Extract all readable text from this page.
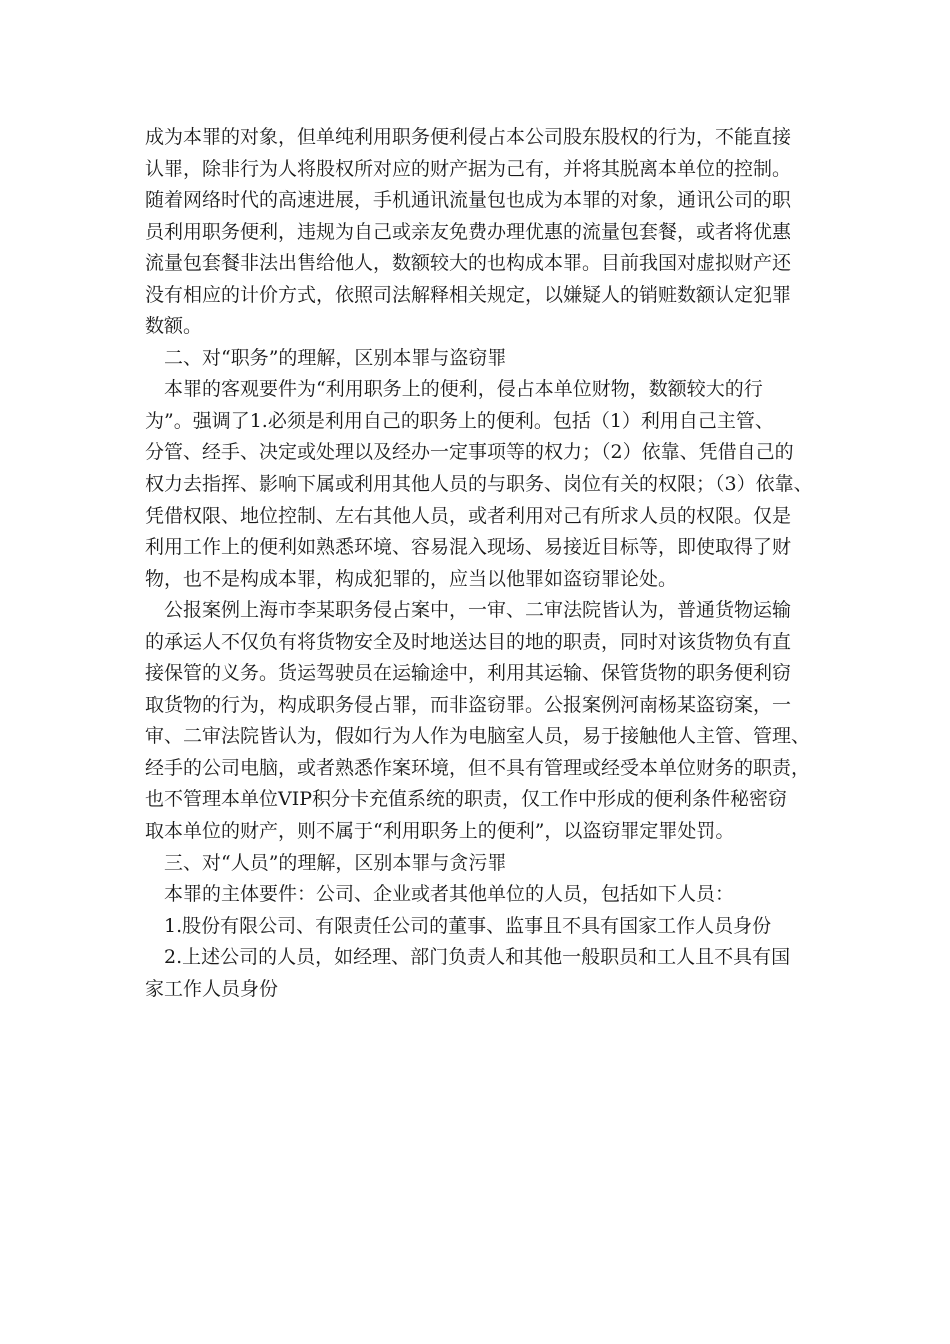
成为本罪的对象，但单纯利用职务便利侵占本公司股东股权的行为，不能直接
认罪，除非行为人将股权所对应的财产据为己有，并将其脱离本单位的控制。
随着网络时代的高速进展，手机通讯流量包也成为本罪的对象，通讯公司的职
员利用职务便利，违规为自己或亲友免费办理优惠的流量包套餐，或者将优惠
流量包套餐非法出售给他人，数额较大的也构成本罪。目前我国对虚拟财产还
没有相应的计价方式，依照司法解释相关规定，以嫌疑人的销赃数额认定犯罪
数额。
　二、对“职务”的理解，区别本罪与盗窃罪
　本罪的客观要件为“利用职务上的便利，侵占本单位财物，数额较大的行
为”。强调了1.必须是利用自己的职务上的便利。包括（1）利用自己主管、
分管、经手、决定或处理以及经办一定事项等的权力；（2）依靠、凭借自己的
权力去指挥、影响下属或利用其他人员的与职务、岗位有关的权限；（3）依靠、
凭借权限、地位控制、左右其他人员，或者利用对己有所求人员的权限。仅是
利用工作上的便利如熟悉环境、容易混入现场、易接近目标等，即使取得了财
物，也不是构成本罪，构成犯罪的，应当以他罪如盗窃罪论处。
　公报案例上海市李某职务侵占案中，一审、二审法院皆认为，普通货物运输
的承运人不仅负有将货物安全及时地送达目的地的职责，同时对该货物负有直
接保管的义务。货运驾驶员在运输途中，利用其运输、保管货物的职务便利窃
取货物的行为，构成职务侵占罪，而非盗窃罪。公报案例河南杨某盗窃案，一
审、二审法院皆认为，假如行为人作为电脑室人员，易于接触他人主管、管理、
经手的公司电脑，或者熟悉作案环境，但不具有管理或经受本单位财务的职责，
也不管理本单位VIP积分卡充值系统的职责，仅工作中形成的便利条件秘密窃
取本单位的财产，则不属于“利用职务上的便利”，以盗窃罪定罪处罚。
　三、对“人员”的理解，区别本罪与贪污罪
　本罪的主体要件：公司、企业或者其他单位的人员，包括如下人员：
　1.股份有限公司、有限责任公司的董事、监事且不具有国家工作人员身份
　2.上述公司的人员，如经理、部门负责人和其他一般职员和工人且不具有国
家工作人员身份
